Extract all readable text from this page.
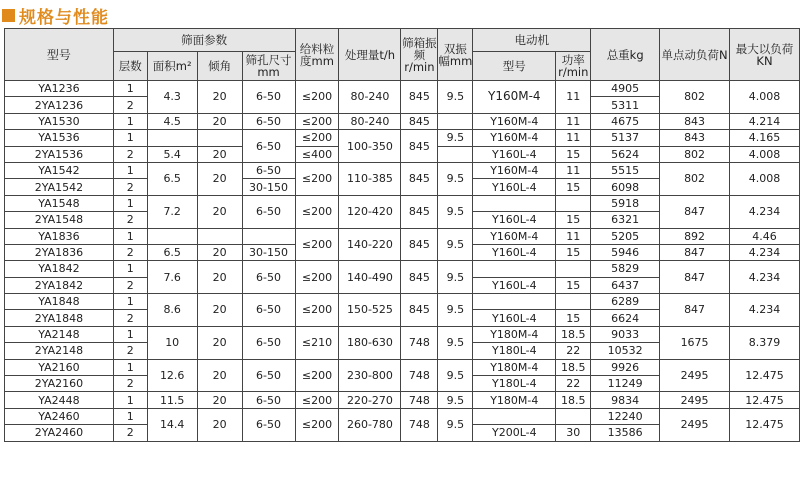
规格与性能
型号	筛面参数				给料粒度mm	处理量t/h	筛箱振频r/min	双振幅mm	电动机		总重kg	单点动负荷N	最大以负荷KN
	层数	面积m²	倾角	筛孔尺寸mm					型号	功率r/min			
YA1236	1	4.3	20	6-50	≤200	80-240	845	9.5	Y160M-4	11	4905	802	4.008
2YA1236	2										5311		
YA1530	1	4.5	20	6-50	≤200	80-240	845		Y160M-4	11	4675	843	4.214
YA1536	1			6-50	≤200	100-350	845	9.5	Y160M-4	11	5137	843	4.165
2YA1536	2	5.4	20		≤400				Y160L-4	15	5624	802	4.008
YA1542	1	6.5	20	6-50	≤200	110-385	845	9.5	Y160M-4	11	5515	802	4.008
2YA1542	2			30-150					Y160L-4	15	6098		
YA1548	1	7.2	20	6-50	≤200	120-420	845	9.5			5918	847	4.234
2YA1548	2								Y160L-4	15	6321		
YA1836	1				≤200	140-220	845	9.5	Y160M-4	11	5205	892	4.46
2YA1836	2	6.5	20	30-150					Y160L-4	15	5946	847	4.234
YA1842	1	7.6	20	6-50	≤200	140-490	845	9.5			5829	847	4.234
2YA1842	2								Y160L-4	15	6437		
YA1848	1	8.6	20	6-50	≤200	150-525	845	9.5			6289	847	4.234
2YA1848	2								Y160L-4	15	6624		
YA2148	1	10	20	6-50	≤210	180-630	748	9.5	Y180M-4	18.5	9033	1675	8.379
2YA2148	2								Y180L-4	22	10532		
YA2160	1	12.6	20	6-50	≤200	230-800	748	9.5	Y180M-4	18.5	9926	2495	12.475
2YA2160	2								Y180L-4	22	11249		
YA2448	1	11.5	20	6-50	≤200	220-270	748	9.5	Y180M-4	18.5	9834	2495	12.475
YA2460	1	14.4	20	6-50	≤200	260-780	748	9.5			12240	2495	12.475
2YA2460	2								Y200L-4	30	13586		
